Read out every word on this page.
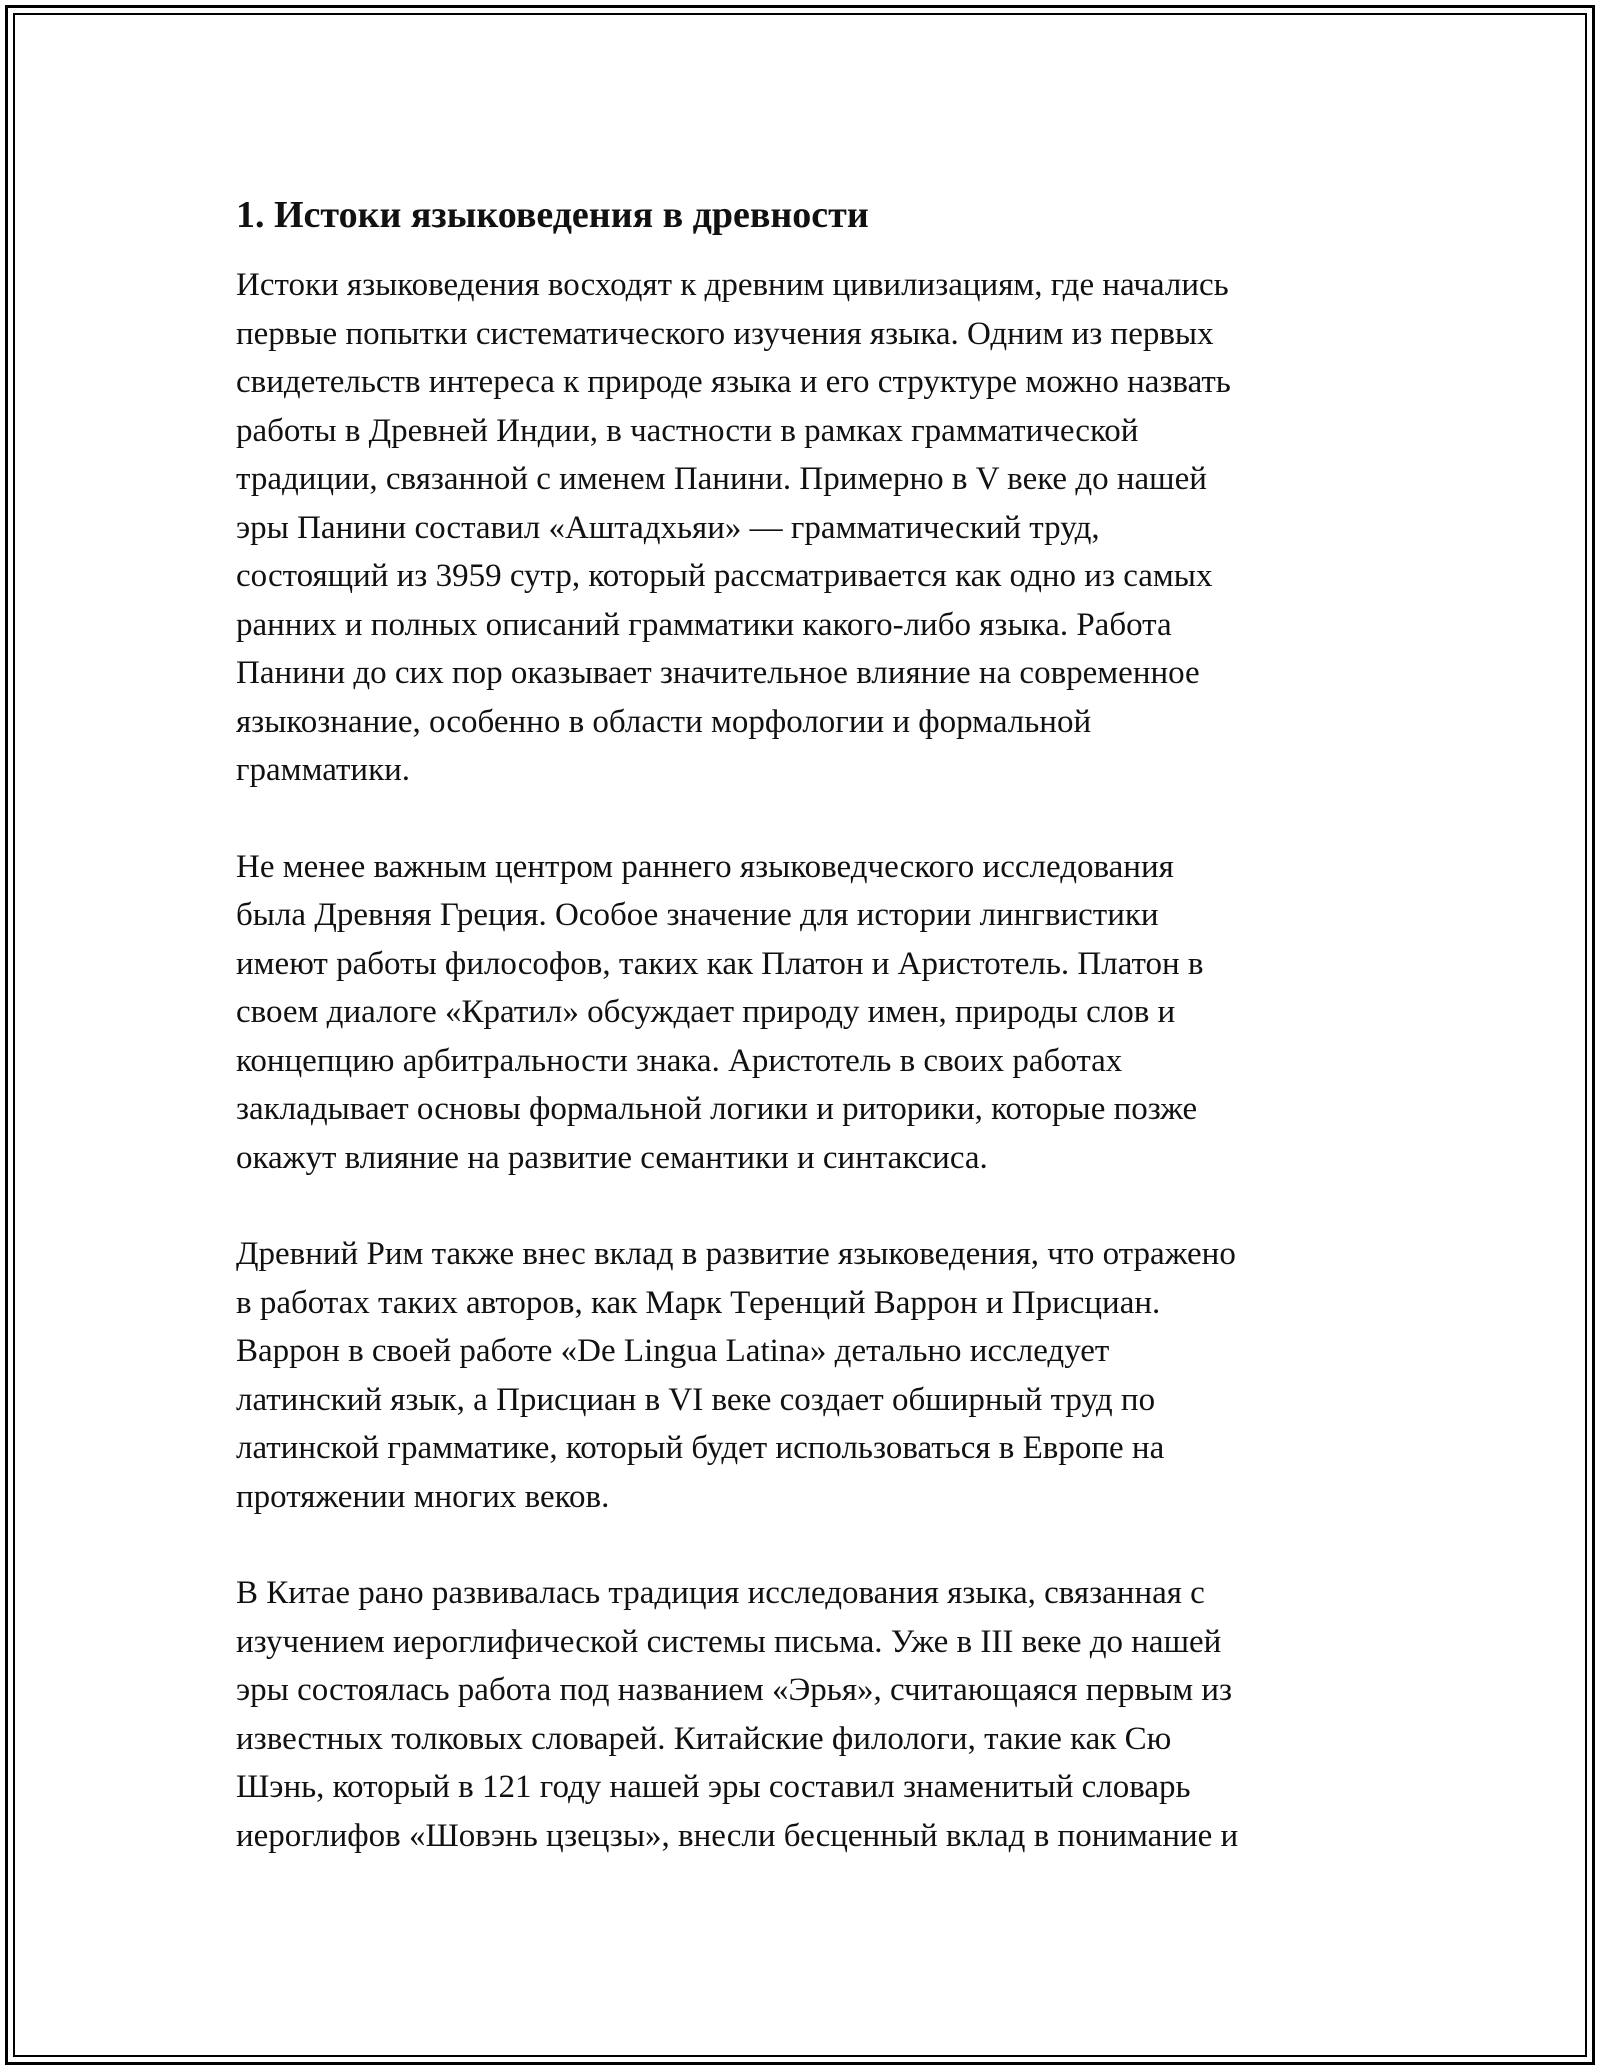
1. Истоки языковедения в древности

Истоки языковедения восходят к древним цивилизациям, где начались
первые попытки систематического изучения языка. Одним из первых
свидетельств интереса к природе языка и его структуре можно назвать
работы в Древней Индии, в частности в рамках грамматической
традиции, связанной с именем Панини. Примерно в V веке до нашей
эры Панини составил «Аштадхьяи» — грамматический труд,
состоящий из 3959 сутр, который рассматривается как одно из самых
ранних и полных описаний грамматики какого-либо языка. Работа
Панини до сих пор оказывает значительное влияние на современное
языкознание, особенно в области морфологии и формальной
грамматики.

Не менее важным центром раннего языковедческого исследования
была Древняя Греция. Особое значение для истории лингвистики
имеют работы философов, таких как Платон и Аристотель. Платон в
своем диалоге «Кратил» обсуждает природу имен, природы слов и
концепцию арбитральности знака. Аристотель в своих работах
закладывает основы формальной логики и риторики, которые позже
окажут влияние на развитие семантики и синтаксиса.

Древний Рим также внес вклад в развитие языковедения, что отражено
в работах таких авторов, как Марк Теренций Варрон и Присциан.
Варрон в своей работе «De Lingua Latina» детально исследует
латинский язык, а Присциан в VI веке создает обширный труд по
латинской грамматике, который будет использоваться в Европе на
протяжении многих веков.

В Китае рано развивалась традиция исследования языка, связанная с
изучением иероглифической системы письма. Уже в III веке до нашей
эры состоялась работа под названием «Эрья», считающаяся первым из
известных толковых словарей. Китайские филологи, такие как Сю
Шэнь, который в 121 году нашей эры составил знаменитый словарь
иероглифов «Шовэнь цзецзы», внесли бесценный вклад в понимание и
